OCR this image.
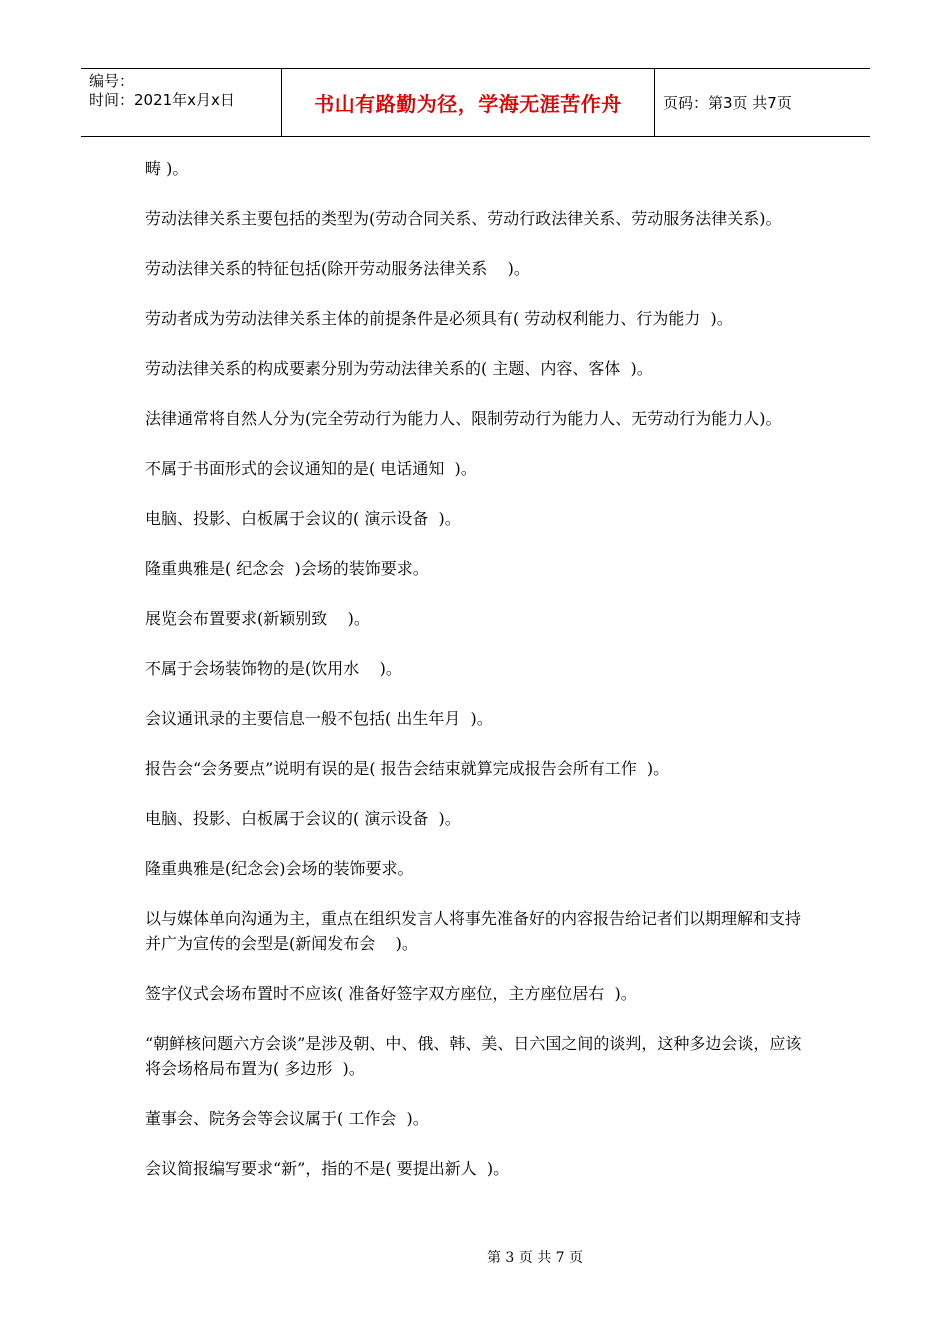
编号：
时间：2021年x月x日	书山有路勤为径，学海无涯苦作舟	页码：第3页 共7页

畴 )。

劳动法律关系主要包括的类型为(劳动合同关系、劳动行政法律关系、劳动服务法律关系)。

劳动法律关系的特征包括(除开劳动服务法律关系    )。

劳动者成为劳动法律关系主体的前提条件是必须具有( 劳动权利能力、行为能力  )。

劳动法律关系的构成要素分别为劳动法律关系的( 主题、内容、客体  )。

法律通常将自然人分为(完全劳动行为能力人、限制劳动行为能力人、无劳动行为能力人)。

不属于书面形式的会议通知的是( 电话通知  )。

电脑、投影、白板属于会议的( 演示设备  )。

隆重典雅是( 纪念会  )会场的装饰要求。

展览会布置要求(新颖别致    )。

不属于会场装饰物的是(饮用水    )。

会议通讯录的主要信息一般不包括( 出生年月  )。

报告会“会务要点”说明有误的是( 报告会结束就算完成报告会所有工作  )。

电脑、投影、白板属于会议的( 演示设备  )。

隆重典雅是(纪念会)会场的装饰要求。

以与媒体单向沟通为主，重点在组织发言人将事先准备好的内容报告给记者们以期理解和支持并广为宣传的会型是(新闻发布会    )。

签字仪式会场布置时不应该( 准备好签字双方座位，主方座位居右  )。

“朝鲜核问题六方会谈”是涉及朝、中、俄、韩、美、日六国之间的谈判，这种多边会谈，应该将会场格局布置为( 多边形  )。

董事会、院务会等会议属于( 工作会  )。

会议简报编写要求“新”，指的不是( 要提出新人  )。

第 3 页 共 7 页
